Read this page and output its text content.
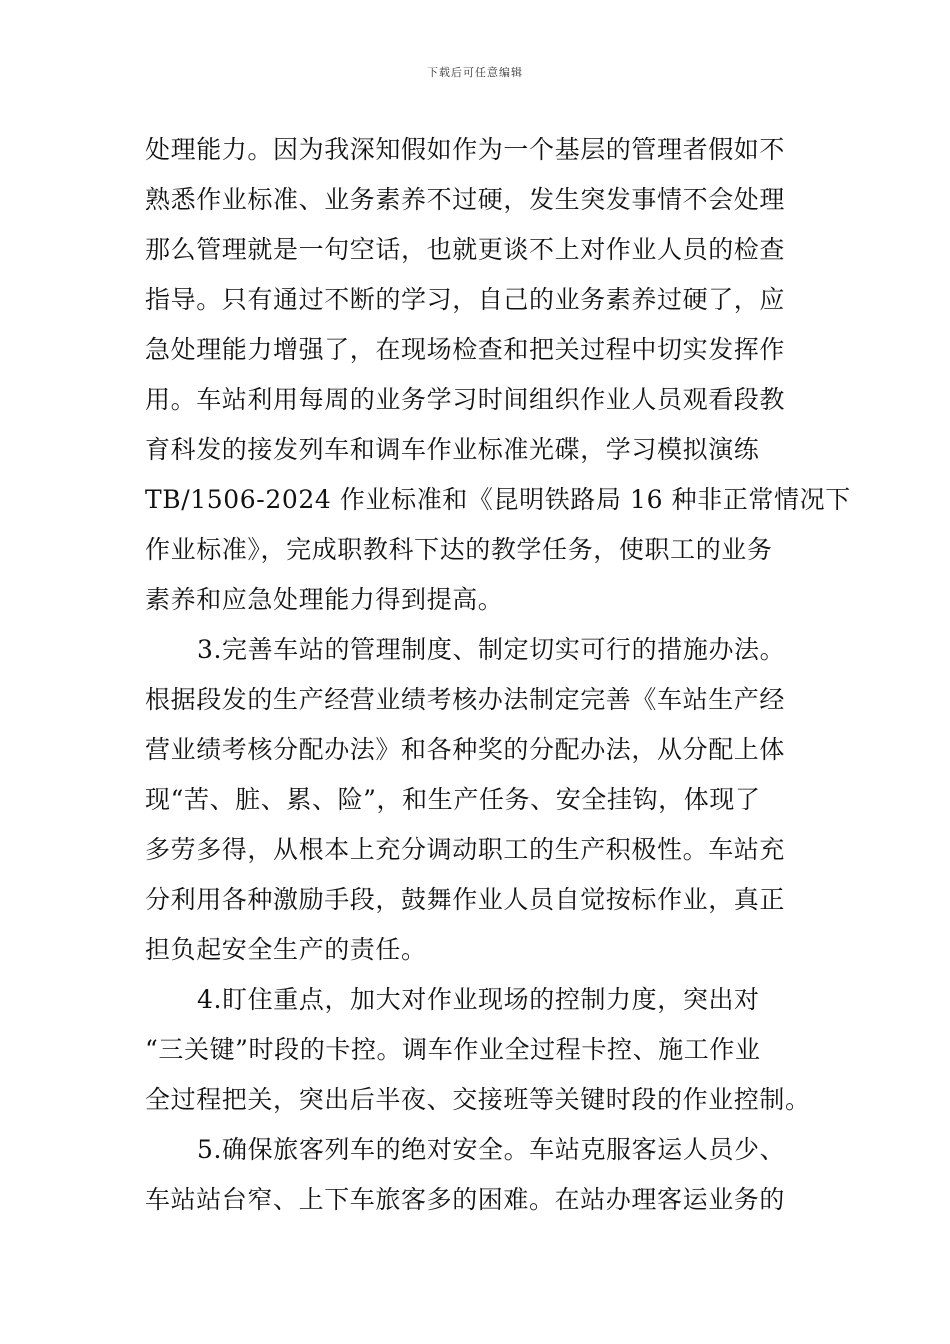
下载后可任意编辑
处理能力。因为我深知假如作为一个基层的管理者假如不
熟悉作业标准、业务素养不过硬，发生突发事情不会处理
那么管理就是一句空话，也就更谈不上对作业人员的检查
指导。只有通过不断的学习，自己的业务素养过硬了，应
急处理能力增强了，在现场检查和把关过程中切实发挥作
用。车站利用每周的业务学习时间组织作业人员观看段教
育科发的接发列车和调车作业标准光碟，学习模拟演练
TB/1506-2024 作业标准和《昆明铁路局 16 种非正常情况下
作业标准》，完成职教科下达的教学任务，使职工的业务
素养和应急处理能力得到提高。
3.完善车站的管理制度、制定切实可行的措施办法。
根据段发的生产经营业绩考核办法制定完善《车站生产经
营业绩考核分配办法》和各种奖的分配办法，从分配上体
现“苦、脏、累、险”，和生产任务、安全挂钩，体现了
多劳多得，从根本上充分调动职工的生产积极性。车站充
分利用各种激励手段，鼓舞作业人员自觉按标作业，真正
担负起安全生产的责任。
4.盯住重点，加大对作业现场的控制力度，突出对
“三关键”时段的卡控。调车作业全过程卡控、施工作业
全过程把关，突出后半夜、交接班等关键时段的作业控制。
5.确保旅客列车的绝对安全。车站克服客运人员少、
车站站台窄、上下车旅客多的困难。在站办理客运业务的
